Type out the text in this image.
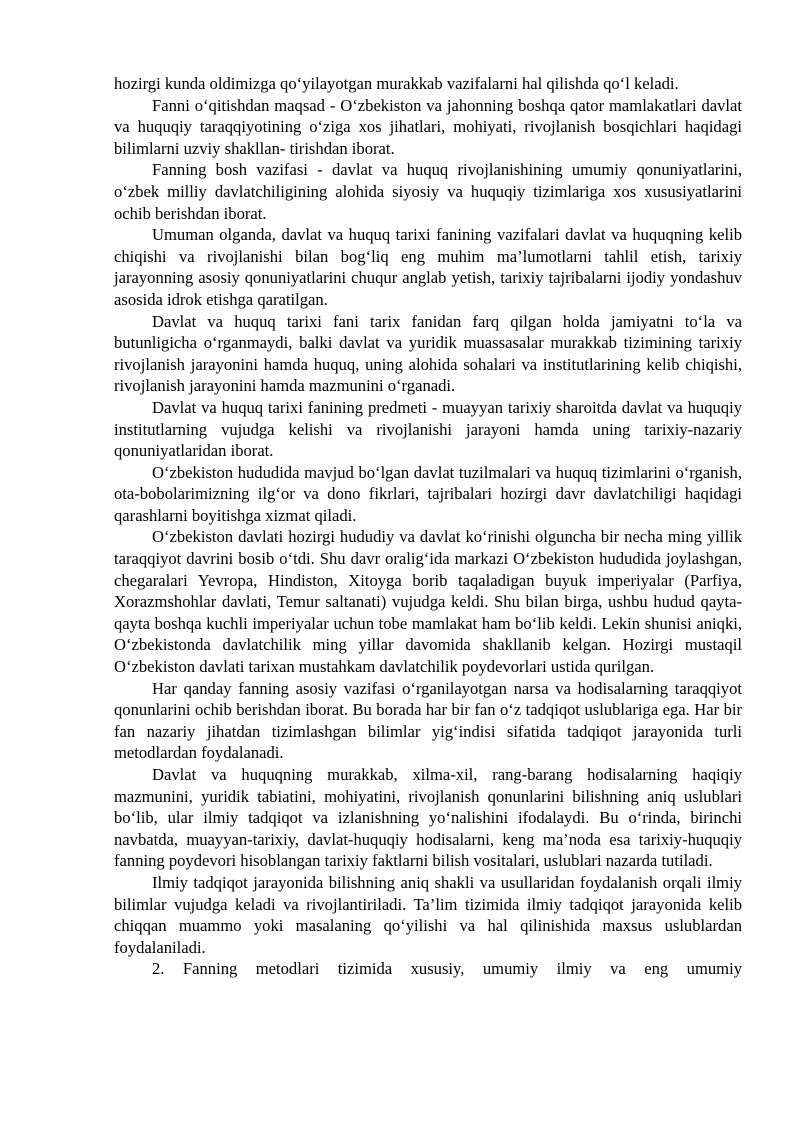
hozirgi kunda oldimizga qo‘yilayotgan murakkab vazifalarni hal qilishda qo‘l keladi.

Fanni o‘qitishdan maqsad - O‘zbekiston va jahonning boshqa qator mamlakatlari davlat va huquqiy taraqqiyotining o‘ziga xos jihatlari, mohiyati, rivojlanish bosqichlari haqidagi bilimlarni uzviy shakllan- tirishdan iborat.

Fanning bosh vazifasi - davlat va huquq rivojlanishining umumiy qonuniyatlarini, o‘zbek milliy davlatchiligining alohida siyosiy va huquqiy tizimlariga xos xususiyatlarini ochib berishdan iborat.

Umuman olganda, davlat va huquq tarixi fanining vazifalari davlat va huquqning kelib chiqishi va rivojlanishi bilan bog‘liq eng muhim ma’lumotlarni tahlil etish, tarixiy jarayonning asosiy qonuniyatlarini chuqur anglab yetish, tarixiy tajribalarni ijodiy yondashuv asosida idrok etishga qaratilgan.

Davlat va huquq tarixi fani tarix fanidan farq qilgan holda jamiyatni to‘la va butunligicha o‘rganmaydi, balki davlat va yuridik muassasalar murakkab tizimining tarixiy rivojlanish jarayonini hamda huquq, uning alohida sohalari va institutlarining kelib chiqishi, rivojlanish jarayonini hamda mazmunini o‘rganadi.

Davlat va huquq tarixi fanining predmeti - muayyan tarixiy sharoitda davlat va huquqiy institutlarning vujudga kelishi va rivojlanishi jarayoni hamda uning tarixiy-nazariy qonuniyatlaridan iborat.

O‘zbekiston hududida mavjud bo‘lgan davlat tuzilmalari va huquq tizimlarini o‘rganish, ota-bobolarimizning ilg‘or va dono fikrlari, tajribalari hozirgi davr davlatchiligi haqidagi qarashlarni boyitishga xizmat qiladi.

O‘zbekiston davlati hozirgi hududiy va davlat ko‘rinishi olguncha bir necha ming yillik taraqqiyot davrini bosib o‘tdi. Shu davr oralig‘ida markazi O‘zbekiston hududida joylashgan, chegaralari Yevropa, Hindiston, Xitoyga borib taqaladigan buyuk imperiyalar (Parfiya, Xorazmshohlar davlati, Temur saltanati) vujudga keldi. Shu bilan birga, ushbu hudud qayta-qayta boshqa kuchli imperiyalar uchun tobe mamlakat ham bo‘lib keldi. Lekin shunisi aniqki, O‘zbekistonda davlatchilik ming yillar davomida shakllanib kelgan. Hozirgi mustaqil O‘zbekiston davlati tarixan mustahkam davlatchilik poydevorlari ustida qurilgan.

Har qanday fanning asosiy vazifasi o‘rganilayotgan narsa va hodisalarning taraqqiyot qonunlarini ochib berishdan iborat. Bu borada har bir fan o‘z tadqiqot uslublariga ega. Har bir fan nazariy jihatdan tizimlashgan bilimlar yig‘indisi sifatida tadqiqot jarayonida turli metodlardan foydalanadi.

Davlat va huquqning murakkab, xilma-xil, rang-barang hodisalarning haqiqiy mazmunini, yuridik tabiatini, mohiyatini, rivojlanish qonunlarini bilishning aniq uslublari bo‘lib, ular ilmiy tadqiqot va izlanishning yo‘nalishini ifodalaydi. Bu o‘rinda, birinchi navbatda, muayyan-tarixiy, davlat-huquqiy hodisalarni, keng ma’noda esa tarixiy-huquqiy fanning poydevori hisoblangan tarixiy faktlarni bilish vositalari, uslublari nazarda tutiladi.

Ilmiy tadqiqot jarayonida bilishning aniq shakli va usullaridan foydalanish orqali ilmiy bilimlar vujudga keladi va rivojlantiriladi. Ta’lim tizimida ilmiy tadqiqot jarayonida kelib chiqqan muammo yoki masalaning qo‘yilishi va hal qilinishida maxsus uslublardan foydalaniladi.

2. Fanning metodlari tizimida xususiy, umumiy ilmiy va eng umumiy
